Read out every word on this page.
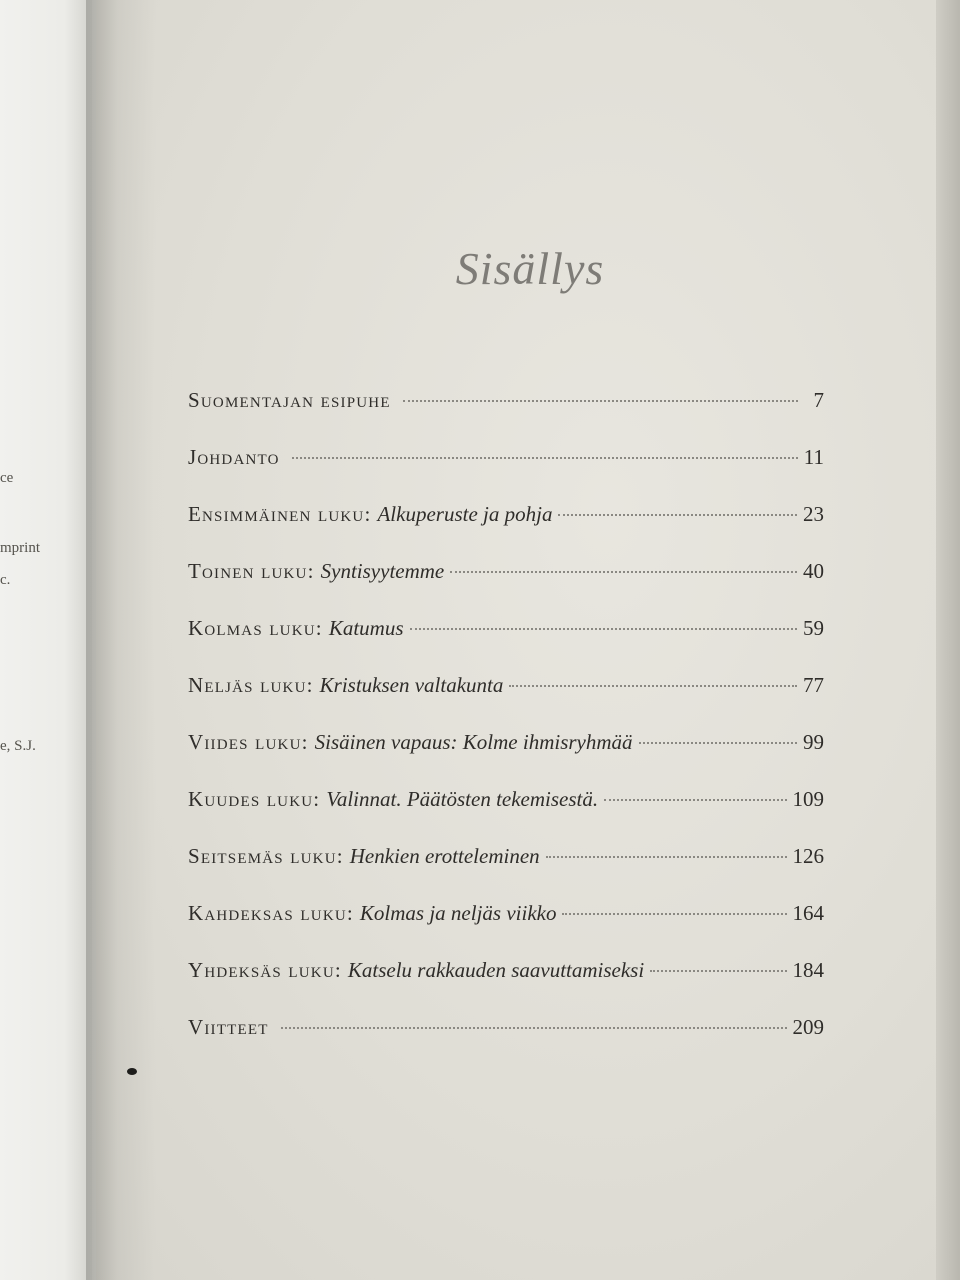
ce
mprint
c.
e, S.J.
Sisällys
Suomentajan esipuhe	7
Johdanto	11
Ensimmäinen luku: Alkuperuste ja pohja	23
Toinen luku: Syntisyytemme	40
Kolmas luku: Katumus	59
Neljäs luku: Kristuksen valtakunta	77
Viides luku: Sisäinen vapaus: Kolme ihmisryhmää	99
Kuudes luku: Valinnat. Päätösten tekemisestä.	109
Seitsemäs luku: Henkien erotteleminen	126
Kahdeksas luku: Kolmas ja neljäs viikko	164
Yhdeksäs luku: Katselu rakkauden saavuttamiseksi	184
Viitteet	209
